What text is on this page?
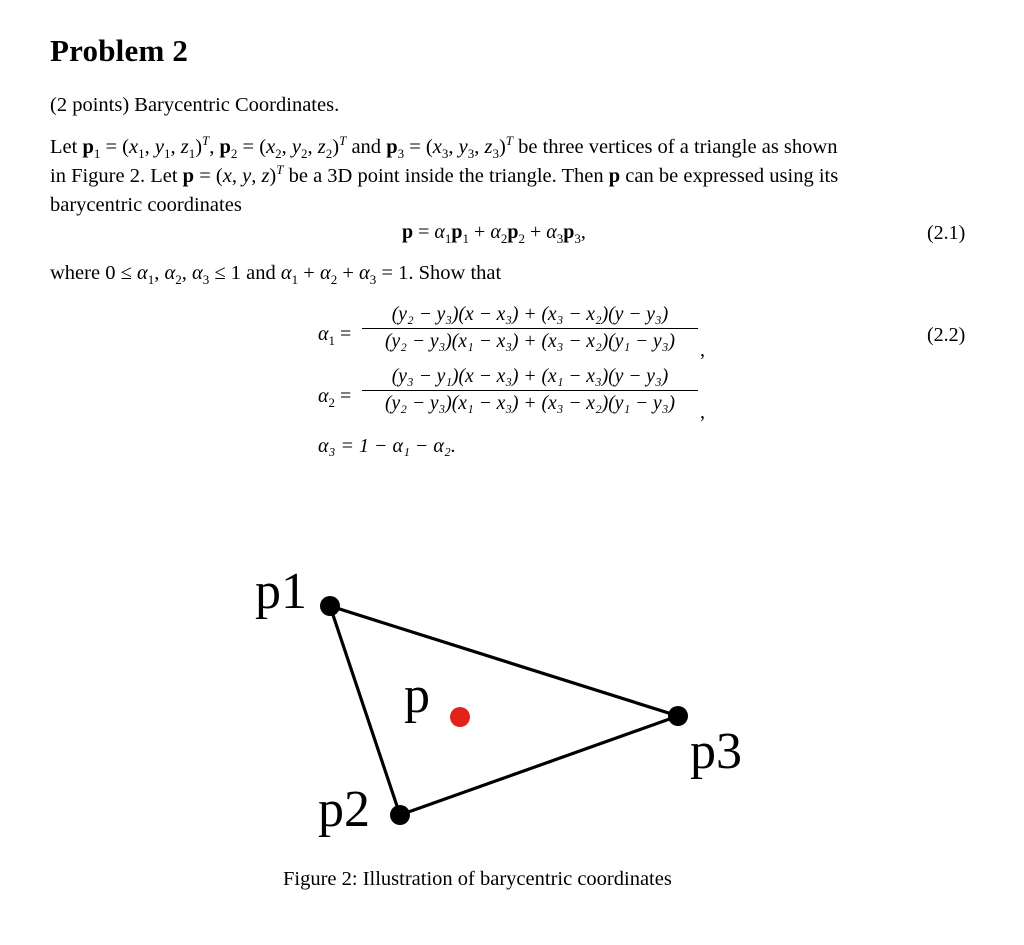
Problem 2
(2 points) Barycentric Coordinates.
Let $p_1 = (x_1$, $y_1$, $z_1)^T$, $p_2 = (x_2$, $y_2$, $z_2)^T$ and $p_3 = (x_3$, $y_3$, $z_3)^T$ be three vertices of a triangle as shown
in Figure 2. Let p = (x, y, z)$^T$ be a 3D point inside the triangle. Then p can be expressed using its
barycentric coordinates
$p = \alpha_1p_1 + \alpha_2p_2 + \alpha_3p_3$,	(2.1)
where $0 \le \alpha_1$, $\alpha_2$, $\alpha_3 \le 1$ and $\alpha_1 + \alpha_2 + \alpha_3 = 1$. Show that
$\alpha_1$ =
(y₂ − y₃)(x − x₃) + (x₃ − x₂)(y − y₃)
(y₂ − y₃)(x₁ − x₃) + (x₃ − x₂)(y₁ − y₃)	,
(2.2)
$\alpha_2$ =
(y₃ − y₁)(x − x₃) + (x₁ − x₃)(y − y₃)
(y₂ − y₃)(x₁ − x₃) + (x₃ − x₂)(y₁ − y₃)	,
α₃ = 1 − α₁ − α₂.
p1
p2
p3
p
Figure 2: Illustration of barycentric coordinates
